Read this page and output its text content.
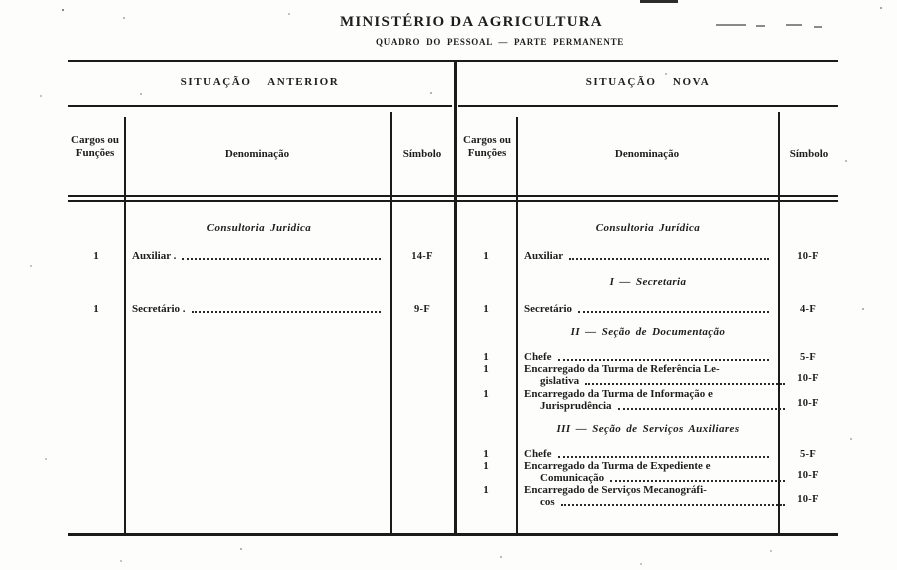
MINISTÉRIO DA AGRICULTURA
QUADRO DO PESSOAL — PARTE PERMANENTE
SITUAÇÃO ANTERIOR	SITUAÇÃO NOVA
Cargos ou Funções	Denominação	Símbolo
Cargos ou Funções	Denominação	Símbolo
Consultoria Juridica
1	Auxiliar .	14-F
1	Secretário .	9-F
Consultoria Jurídica
1	Auxiliar	10-F
I — Secretaria
1	Secretário	4-F
II — Seção de Documentação
1	Chefe	5-F
1	Encarregado da Turma de Referência Le-
gislativa	10-F
1	Encarregado da Turma de Informação e
Jurisprudência	10-F
III — Seção de Serviços Auxiliares
1	Chefe	5-F
1	Encarregado da Turma de Expediente e
Comunicação	10-F
1	Encarregado de Serviços Mecanográfi-
cos	10-F
